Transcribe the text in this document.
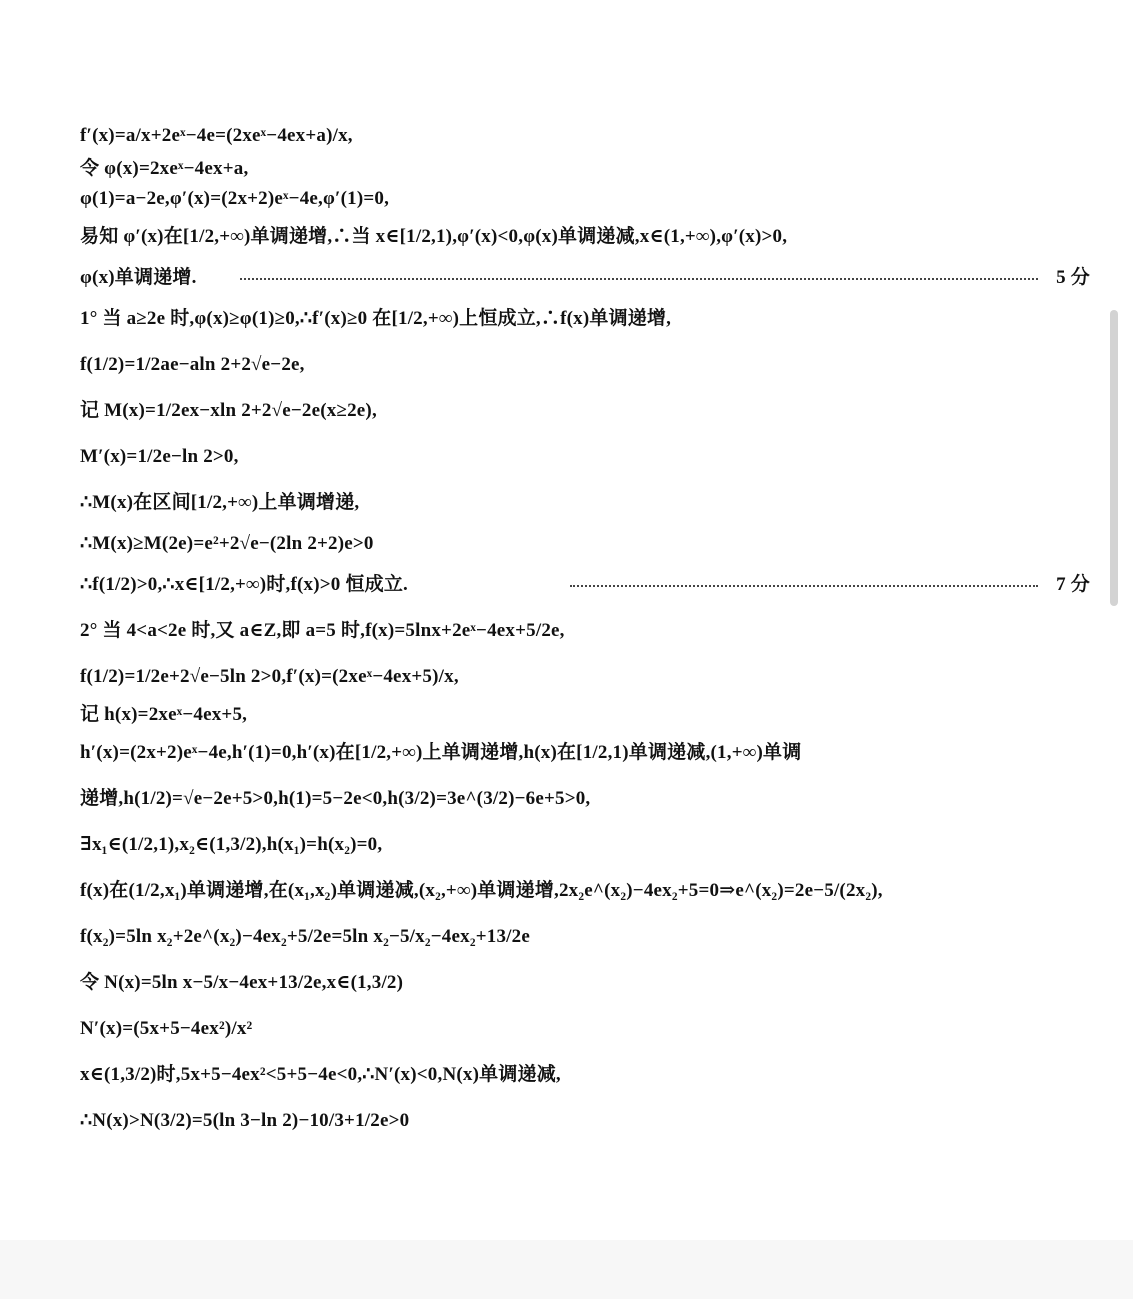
f′(x)=a/x+2eˣ−4e=(2xeˣ−4ex+a)/x,
令 φ(x)=2xeˣ−4ex+a,
φ(1)=a−2e,φ′(x)=(2x+2)eˣ−4e,φ′(1)=0,
易知 φ′(x)在[1/2,+∞)单调递增,∴当 x∈[1/2,1),φ′(x)<0,φ(x)单调递减,x∈(1,+∞),φ′(x)>0,
φ(x)单调递增.	5 分
1° 当 a≥2e 时,φ(x)≥φ(1)≥0,∴f′(x)≥0 在[1/2,+∞)上恒成立,∴f(x)单调递增,
f(1/2)=1/2ae−aln 2+2√e−2e,
记 M(x)=1/2ex−xln 2+2√e−2e(x≥2e),
M′(x)=1/2e−ln 2>0,
∴M(x)在区间[1/2,+∞)上单调增递,
∴M(x)≥M(2e)=e²+2√e−(2ln 2+2)e>0
∴f(1/2)>0,∴x∈[1/2,+∞)时,f(x)>0 恒成立.	7 分
2° 当 4<a<2e 时,又 a∈Z,即 a=5 时,f(x)=5lnx+2eˣ−4ex+5/2e,
f(1/2)=1/2e+2√e−5ln 2>0,f′(x)=(2xeˣ−4ex+5)/x,
记 h(x)=2xeˣ−4ex+5,
h′(x)=(2x+2)eˣ−4e,h′(1)=0,h′(x)在[1/2,+∞)上单调递增,h(x)在[1/2,1)单调递减,(1,+∞)单调
递增,h(1/2)=√e−2e+5>0,h(1)=5−2e<0,h(3/2)=3e^(3/2)−6e+5>0,
∃x₁∈(1/2,1),x₂∈(1,3/2),h(x₁)=h(x₂)=0,
f(x)在(1/2,x₁)单调递增,在(x₁,x₂)单调递减,(x₂,+∞)单调递增,2x₂e^(x₂)−4ex₂+5=0⇒e^(x₂)=2e−5/(2x₂),
f(x₂)=5ln x₂+2e^(x₂)−4ex₂+5/2e=5ln x₂−5/x₂−4ex₂+13/2e
令 N(x)=5ln x−5/x−4ex+13/2e,x∈(1,3/2)
N′(x)=(5x+5−4ex²)/x²
x∈(1,3/2)时,5x+5−4ex²<5+5−4e<0,∴N′(x)<0,N(x)单调递减,
∴N(x)>N(3/2)=5(ln 3−ln 2)−10/3+1/2e>0
